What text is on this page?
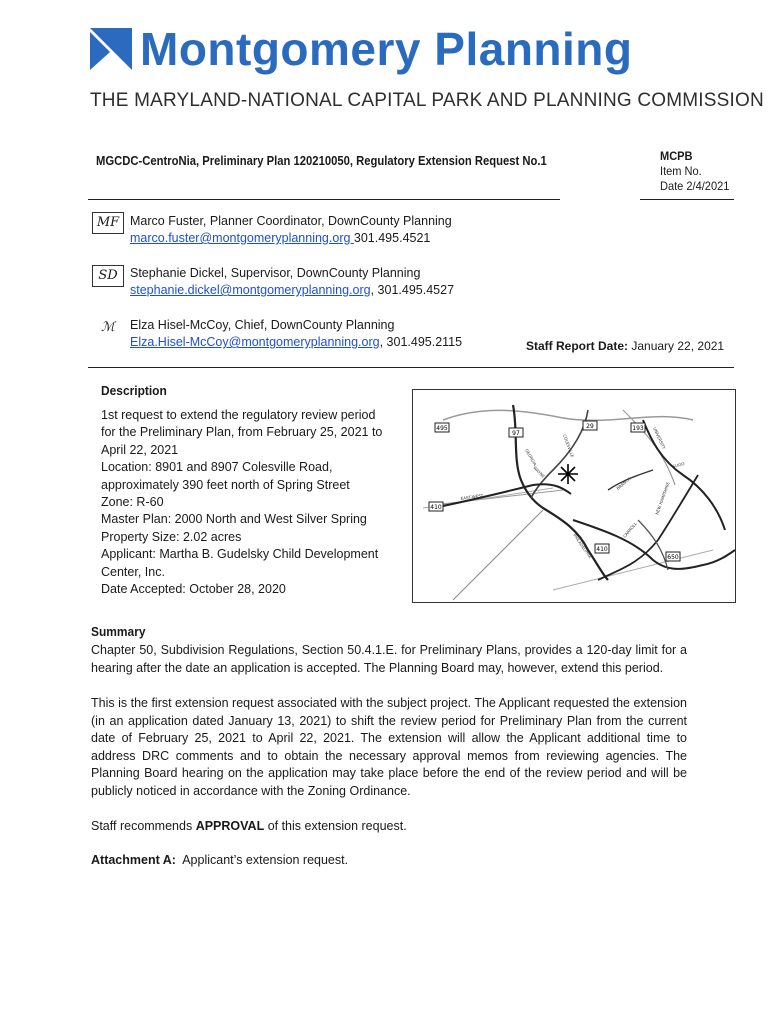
Montgomery Planning
THE MARYLAND-NATIONAL CAPITAL PARK AND PLANNING COMMISSION
MGCDC-CentroNia, Preliminary Plan 120210050, Regulatory Extension Request No.1	MCPB
Item No.
Date 2/4/2021
MF Marco Fuster, Planner Coordinator, DownCounty Planning
marco.fuster@montgomeryplanning.org 301.495.4521
SD Stephanie Dickel, Supervisor, DownCounty Planning
stephanie.dickel@montgomeryplanning.org, 301.495.4527
ℳ	Elza Hisel-McCoy, Chief, DownCounty Planning
Elza.Hisel-McCoy@montgomeryplanning.org, 301.495.2115	Staff Report Date: January 22, 2021
Description
1st request to extend the regulatory review period
for the Preliminary Plan, from February 25, 2021 to
April 22, 2021
Location: 8901 and 8907 Colesville Road,
approximately 390 feet north of Spring Street
Zone: R-60
Master Plan: 2000 North and West Silver Spring
Property Size: 2.02 acres
Applicant: Martha B. Gudelsky Child Development
Center, Inc.
Date Accepted: October 28, 2020
495
97
29	193
410
410
650
GEORGIA	COLESVILLE	UNIVERSITY
WAYNE
EAST-WEST
BRANCH
SLIGO
PHILADELPHIA
CARROLL
NEW HAMPSHIRE
Summary
Chapter 50, Subdivision Regulations, Section 50.4.1.E. for Preliminary Plans, provides a 120-day limit for a hearing after the date an application is accepted. The Planning Board may, however, extend this period.
This is the first extension request associated with the subject project. The Applicant requested the extension (in an application dated January 13, 2021) to shift the review period for Preliminary Plan from the current date of February 25, 2021 to April 22, 2021. The extension will allow the Applicant additional time to address DRC comments and to obtain the necessary approval memos from reviewing agencies. The Planning Board hearing on the application may take place before the end of the review period and will be publicly noticed in accordance with the Zoning Ordinance.
Staff recommends APPROVAL of this extension request.
Attachment A:  Applicant’s extension request.
